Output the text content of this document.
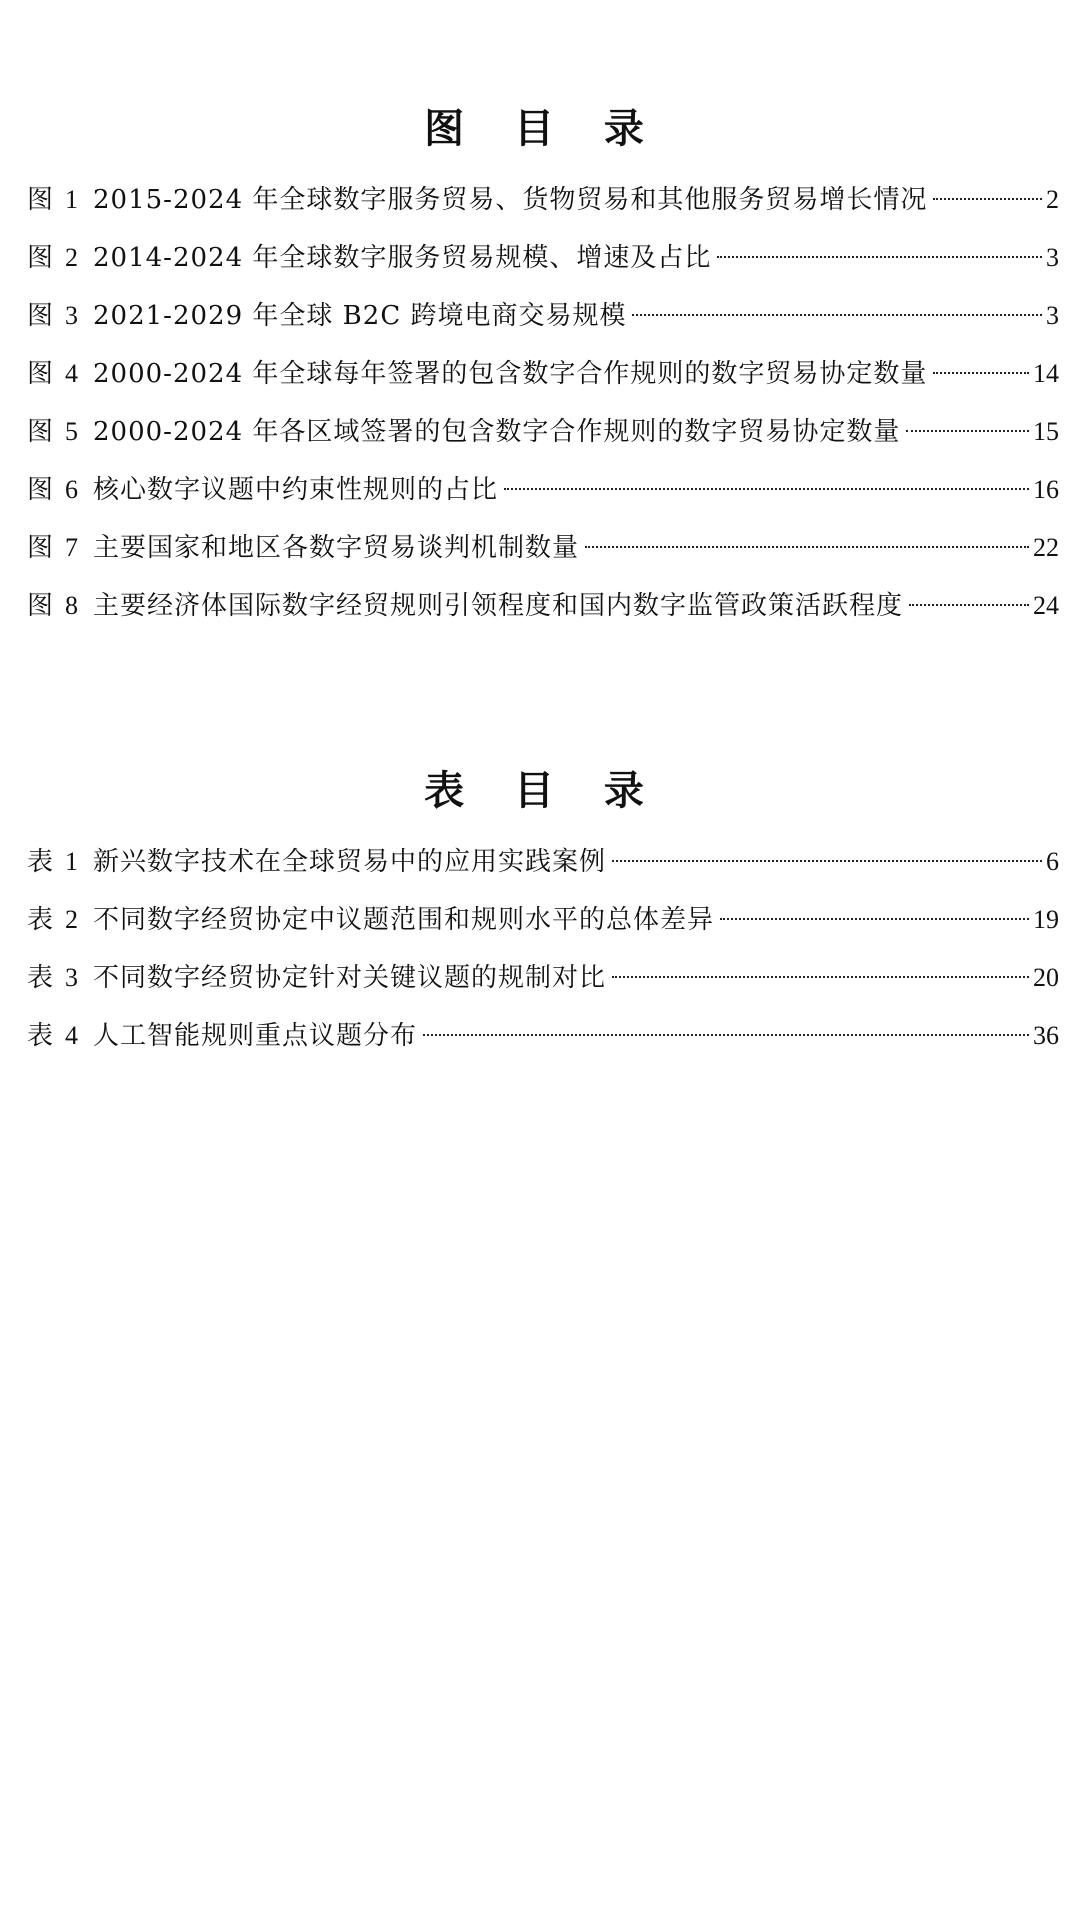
图 目 录
图 1 2015-2024 年全球数字服务贸易、货物贸易和其他服务贸易增长情况	2
图 2 2014-2024 年全球数字服务贸易规模、增速及占比	3
图 3 2021-2029 年全球 B2C 跨境电商交易规模	3
图 4 2000-2024 年全球每年签署的包含数字合作规则的数字贸易协定数量	14
图 5 2000-2024 年各区域签署的包含数字合作规则的数字贸易协定数量	15
图 6 核心数字议题中约束性规则的占比	16
图 7 主要国家和地区各数字贸易谈判机制数量	22
图 8 主要经济体国际数字经贸规则引领程度和国内数字监管政策活跃程度	24
表 目 录
表 1 新兴数字技术在全球贸易中的应用实践案例	6
表 2 不同数字经贸协定中议题范围和规则水平的总体差异	19
表 3 不同数字经贸协定针对关键议题的规制对比	20
表 4 人工智能规则重点议题分布	36
